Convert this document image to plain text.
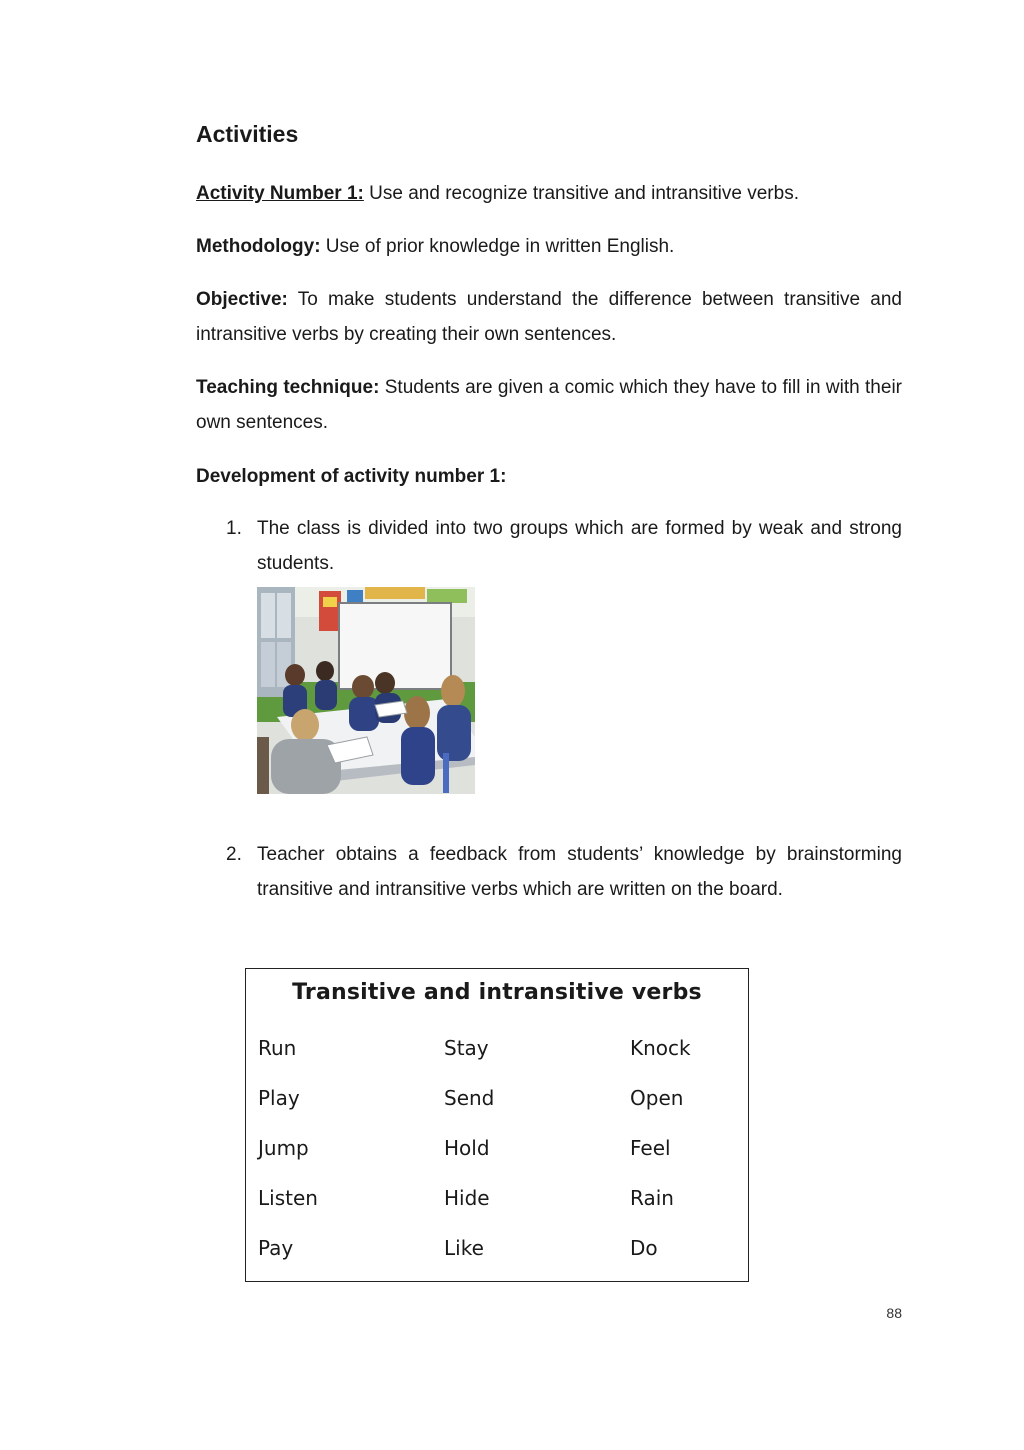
Activities
Activity Number 1: Use and recognize transitive and intransitive verbs.
Methodology: Use of prior knowledge in written English.
Objective: To make students understand the difference between transitive and intransitive verbs by creating their own sentences.
Teaching technique: Students are given a comic which they have to fill in with their own sentences.
Development of activity number 1:
1. The class is divided into two groups which are formed by weak and strong students.
2. Teacher obtains a feedback from students’ knowledge by brainstorming transitive and intransitive verbs which are written on the board.
Transitive and intransitive verbs
Run	Stay	Knock
Play	Send	Open
Jump	Hold	Feel
Listen	Hide	Rain
Pay	Like	Do
88
